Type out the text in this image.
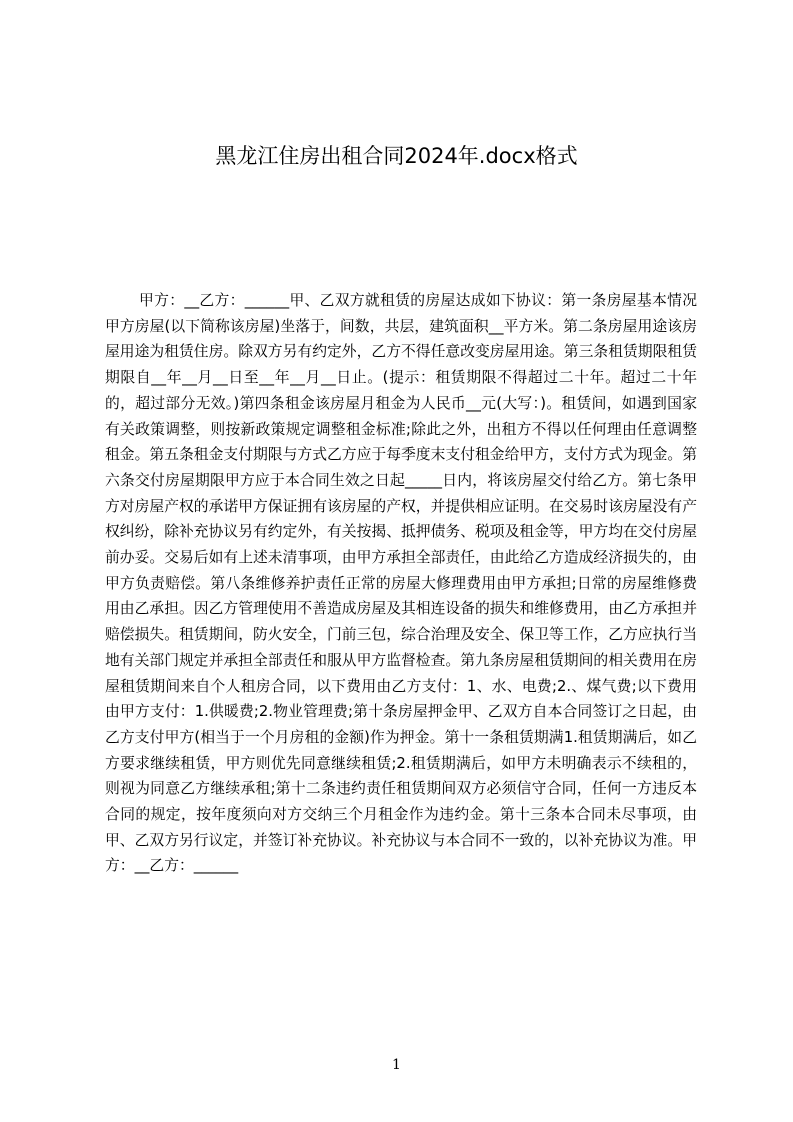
黑龙江住房出租合同2024年.docx格式

甲方：__乙方：______甲、乙双方就租赁的房屋达成如下协议：第一条房屋基本情况甲方房屋(以下简称该房屋)坐落于，间数，共层，建筑面积__平方米。第二条房屋用途该房屋用途为租赁住房。除双方另有约定外，乙方不得任意改变房屋用途。第三条租赁期限租赁期限自__年__月__日至__年__月__日止。(提示：租赁期限不得超过二十年。超过二十年的，超过部分无效。)第四条租金该房屋月租金为人民币__元(大写：)。租赁间，如遇到国家有关政策调整，则按新政策规定调整租金标准;除此之外，出租方不得以任何理由任意调整租金。第五条租金支付期限与方式乙方应于每季度末支付租金给甲方，支付方式为现金。第六条交付房屋期限甲方应于本合同生效之日起_____日内，将该房屋交付给乙方。第七条甲方对房屋产权的承诺甲方保证拥有该房屋的产权，并提供相应证明。在交易时该房屋没有产权纠纷，除补充协议另有约定外，有关按揭、抵押债务、税项及租金等，甲方均在交付房屋前办妥。交易后如有上述未清事项，由甲方承担全部责任，由此给乙方造成经济损失的，由甲方负责赔偿。第八条维修养护责任正常的房屋大修理费用由甲方承担;日常的房屋维修费用由乙承担。因乙方管理使用不善造成房屋及其相连设备的损失和维修费用，由乙方承担并赔偿损失。租赁期间，防火安全，门前三包，综合治理及安全、保卫等工作，乙方应执行当地有关部门规定并承担全部责任和服从甲方监督检查。第九条房屋租赁期间的相关费用在房屋租赁期间来自个人租房合同，以下费用由乙方支付：1、水、电费;2.、煤气费;以下费用由甲方支付：1.供暖费;2.物业管理费;第十条房屋押金甲、乙双方自本合同签订之日起，由乙方支付甲方(相当于一个月房租的金额)作为押金。第十一条租赁期满1.租赁期满后，如乙方要求继续租赁，甲方则优先同意继续租赁;2.租赁期满后，如甲方未明确表示不续租的，则视为同意乙方继续承租;第十二条违约责任租赁期间双方必须信守合同，任何一方违反本合同的规定，按年度须向对方交纳三个月租金作为违约金。第十三条本合同未尽事项，由甲、乙双方另行议定，并签订补充协议。补充协议与本合同不一致的，以补充协议为准。甲方：__乙方：______

1
